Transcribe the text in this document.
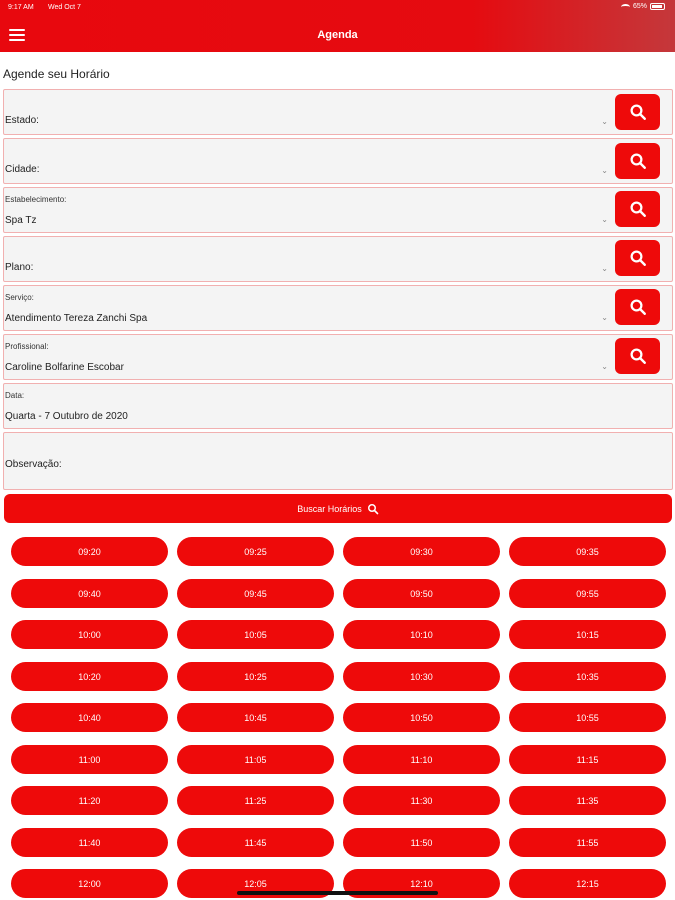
9:17 AM Wed Oct 7	65%
Agenda
Agende seu Horário
Estado:	⌄
Cidade:	⌄
Estabelecimento:
Spa Tz	⌄
Plano:	⌄
Serviço:
Atendimento Tereza Zanchi Spa	⌄
Profissional:
Caroline Bolfarine Escobar	⌄
Data:
Quarta - 7 Outubro de 2020
Observação:
Buscar Horários
09:20	09:25	09:30	09:35
09:40	09:45	09:50	09:55
10:00	10:05	10:10	10:15
10:20	10:25	10:30	10:35
10:40	10:45	10:50	10:55
11:00	11:05	11:10	11:15
11:20	11:25	11:30	11:35
11:40	11:45	11:50	11:55
12:00	12:05	12:10	12:15
